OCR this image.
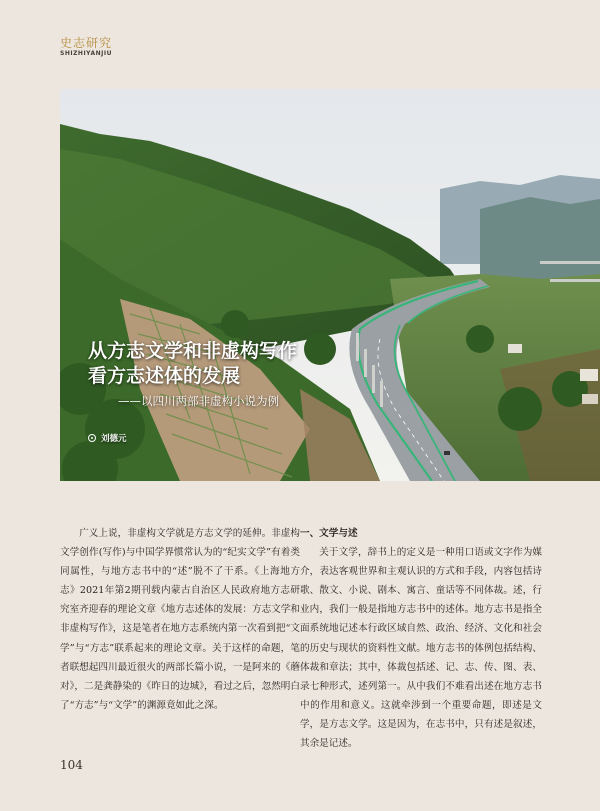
史志研究
SHIZHIYANJIU
从方志文学和非虚构写作
看方志述体的发展
——以四川两部非虚构小说为例
刘德元

广义上说，非虚构文学就是方志文学的延伸。非虚构文学创作(写作)与中国学界惯常认为的“纪实文学”有着类同属性，与地方志书中的“述”脱不了干系。《上海地方志》2021年第2期刊载内蒙古自治区人民政府地方志研究室齐迎春的理论文章《地方志述体的发展：方志文学和非虚构写作》，这是笔者在地方志系统内第一次看到把“文学”与“方志”联系起来的理论文章。关于这样的命题，笔者联想起四川最近很火的两部长篇小说，一是阿来的《蘑对》，二是龚静染的《昨日的边城》，看过之后，忽然明白了“方志”与“文学”的渊源竟如此之深。

一、文学与述

关于文学，辞书上的定义是一种用口语或文字作为媒介，表达客观世界和主观认识的方式和手段，内容包括诗歌、散文、小说、剧本、寓言、童话等不同体裁。述，行业内，我们一般是指地方志书中的述体。地方志书是指全面系统地记述本行政区域自然、政治、经济、文化和社会的历史与现状的资料性文献。地方志书的体例包括结构、体裁和章法；其中，体裁包括述、记、志、传、图、表、录七种形式，述列第一。从中我们不难看出述在地方志书中的作用和意义。这就牵涉到一个重要命题，即述是文学，是方志文学。这是因为，在志书中，只有述是叙述，其余是记述。

104
